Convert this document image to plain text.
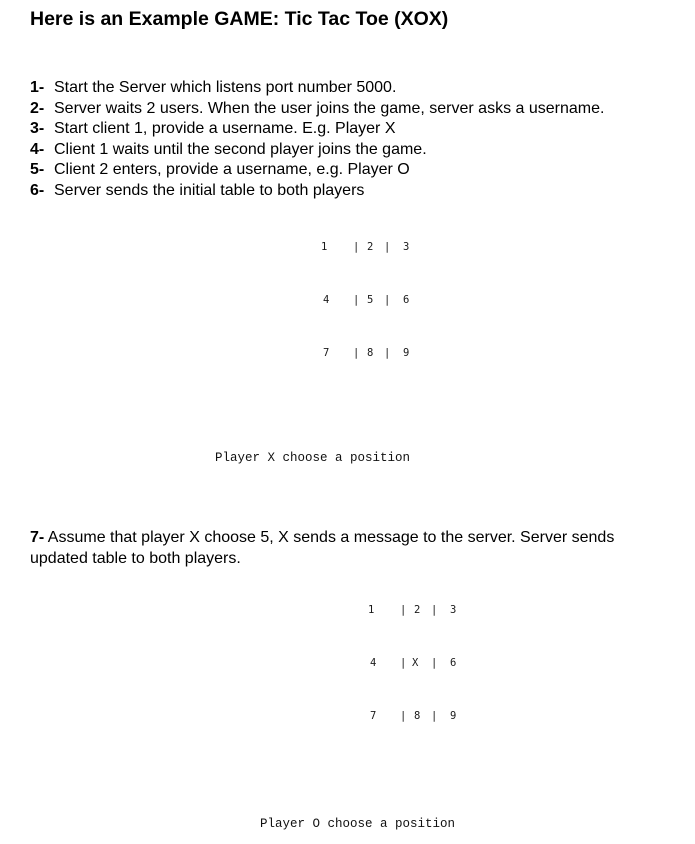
Here is an Example GAME: Tic Tac Toe (XOX)
1- Start the Server which listens port number 5000.
2- Server waits 2 users. When the user joins the game, server asks a username.
3- Start client 1, provide a username. E.g. Player X
4- Client 1 waits until the second player joins the game.
5- Client 2 enters, provide a username, e.g. Player O
6- Server sends the initial table to both players
1 | 2 | 3
4 | 5 | 6
7 | 8 | 9
Player X choose a position

7- Assume that player X choose 5, X sends a message to the server. Server sends updated table to both players.

1 | 2 | 3
4 | X | 6
7 | 8 | 9
Player O choose a position
